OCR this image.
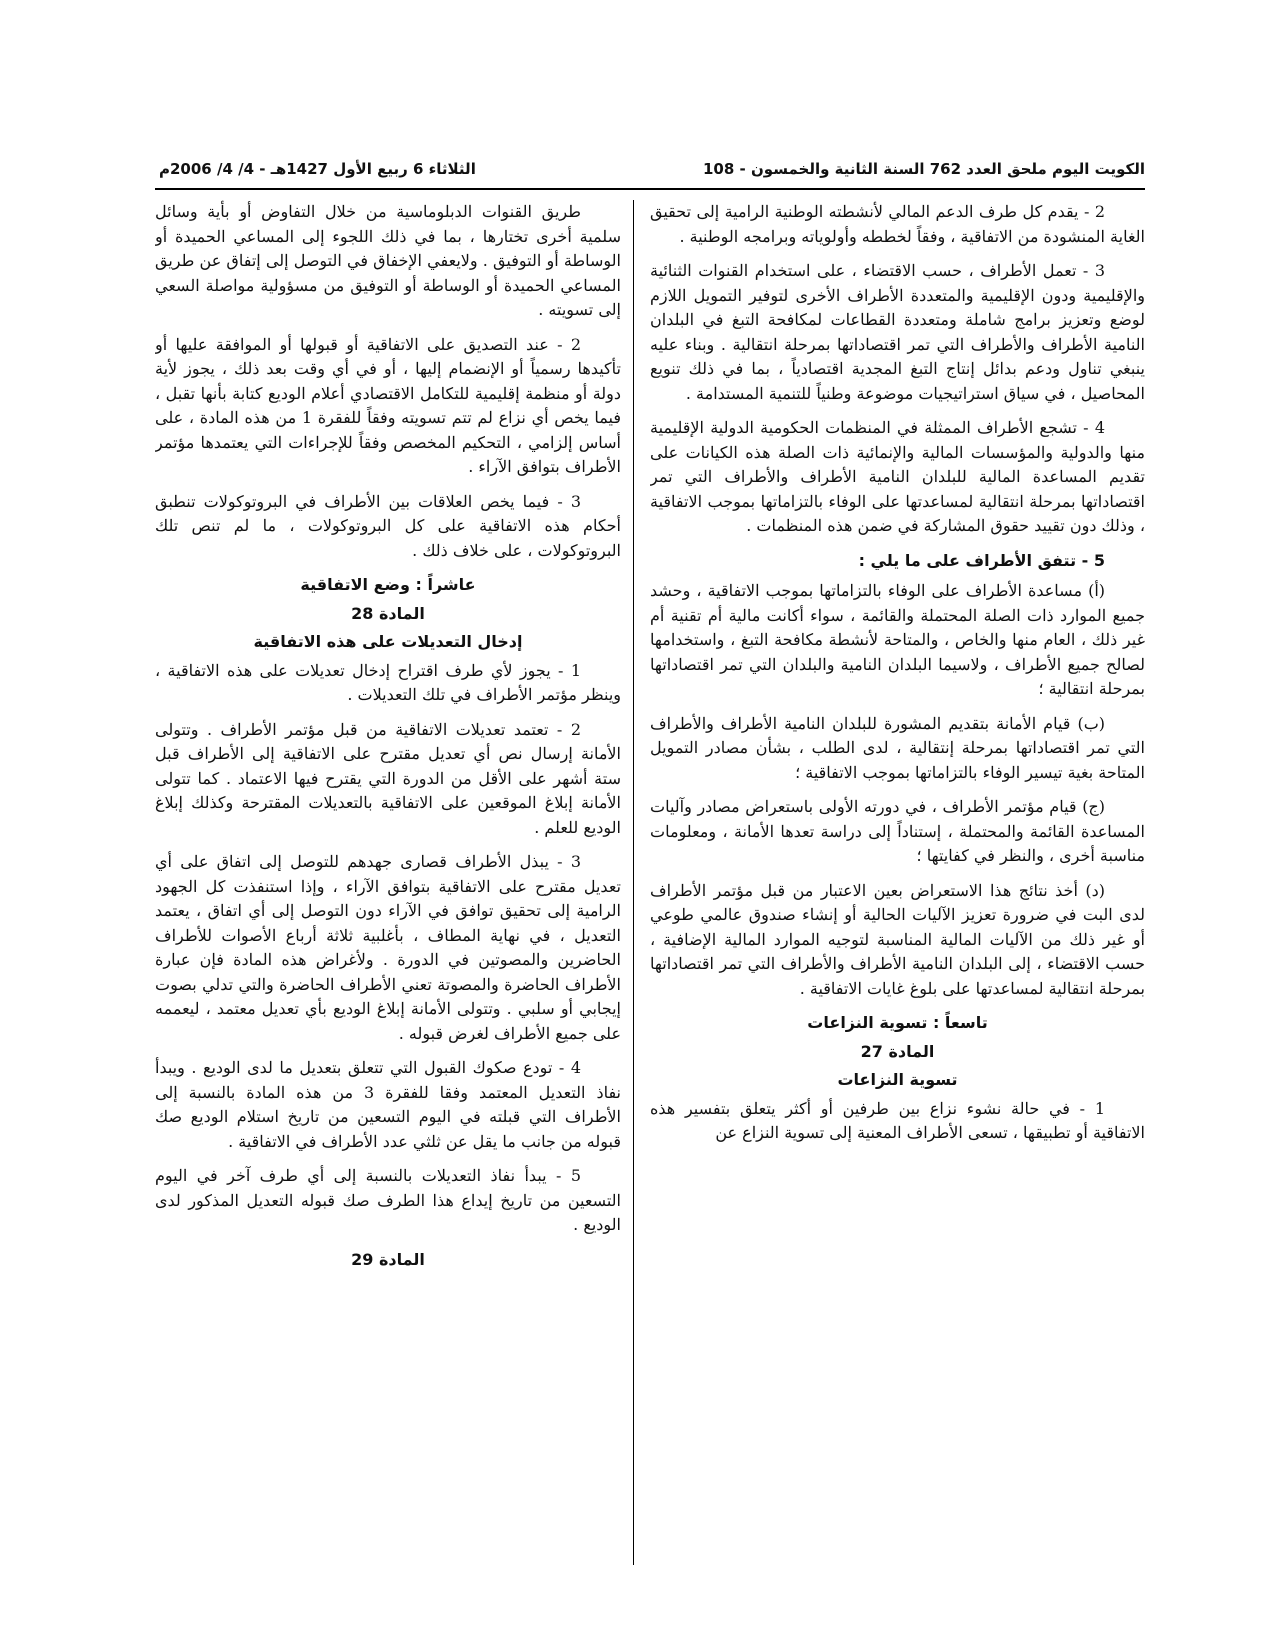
الكويت اليوم ملحق العدد 762 السنة الثانية والخمسون - 108
الثلاثاء 6 ربيع الأول 1427هـ - 4/ 4/ 2006م

2 - يقدم كل طرف الدعم المالي لأنشطته الوطنية الرامية إلى تحقيق الغاية المنشودة من الاتفاقية ، وفقاً لخططه وأولوياته وبرامجه الوطنية .

3 - تعمل الأطراف ، حسب الاقتضاء ، على استخدام القنوات الثنائية والإقليمية ودون الإقليمية والمتعددة الأطراف الأخرى لتوفير التمويل اللازم لوضع وتعزيز برامج شاملة ومتعددة القطاعات لمكافحة التبغ في البلدان النامية الأطراف والأطراف التي تمر اقتصاداتها بمرحلة انتقالية . وبناء عليه ينبغي تناول ودعم بدائل إنتاج التبغ المجدية اقتصادياً ، بما في ذلك تنويع المحاصيل ، في سياق استراتيجيات موضوعة وطنياً للتنمية المستدامة .

4 - تشجع الأطراف الممثلة في المنظمات الحكومية الدولية الإقليمية منها والدولية والمؤسسات المالية والإنمائية ذات الصلة هذه الكيانات على تقديم المساعدة المالية للبلدان النامية الأطراف والأطراف التي تمر اقتصاداتها بمرحلة انتقالية لمساعدتها على الوفاء بالتزاماتها بموجب الاتفاقية ، وذلك دون تقييد حقوق المشاركة في ضمن هذه المنظمات .

5 - تتفق الأطراف على ما يلي :

(أ) مساعدة الأطراف على الوفاء بالتزاماتها بموجب الاتفاقية ، وحشد جميع الموارد ذات الصلة المحتملة والقائمة ، سواء أكانت مالية أم تقنية أم غير ذلك ، العام منها والخاص ، والمتاحة لأنشطة مكافحة التبغ ، واستخدامها لصالح جميع الأطراف ، ولاسيما البلدان النامية والبلدان التي تمر اقتصاداتها بمرحلة انتقالية ؛

(ب) قيام الأمانة بتقديم المشورة للبلدان النامية الأطراف والأطراف التي تمر اقتصاداتها بمرحلة إنتقالية ، لدى الطلب ، بشأن مصادر التمويل المتاحة بغية تيسير الوفاء بالتزاماتها بموجب الاتفاقية ؛

(ج) قيام مؤتمر الأطراف ، في دورته الأولى باستعراض مصادر وآليات المساعدة القائمة والمحتملة ، إستناداً إلى دراسة تعدها الأمانة ، ومعلومات مناسبة أخرى ، والنظر في كفايتها ؛

(د) أخذ نتائج هذا الاستعراض بعين الاعتبار من قبل مؤتمر الأطراف لدى البت في ضرورة تعزيز الآليات الحالية أو إنشاء صندوق عالمي طوعي أو غير ذلك من الآليات المالية المناسبة لتوجيه الموارد المالية الإضافية ، حسب الاقتضاء ، إلى البلدان النامية الأطراف والأطراف التي تمر اقتصاداتها بمرحلة انتقالية لمساعدتها على بلوغ غايات الاتفاقية .

تاسعاً : تسوية النزاعات
المادة 27
تسوية النزاعات

1 - في حالة نشوء نزاع بين طرفين أو أكثر يتعلق بتفسير هذه الاتفاقية أو تطبيقها ، تسعى الأطراف المعنية إلى تسوية النزاع عن

طريق القنوات الدبلوماسية من خلال التفاوض أو بأية وسائل سلمية أخرى تختارها ، بما في ذلك اللجوء إلى المساعي الحميدة أو الوساطة أو التوفيق . ولايعفي الإخفاق في التوصل إلى إتفاق عن طريق المساعي الحميدة أو الوساطة أو التوفيق من مسؤولية مواصلة السعي إلى تسويته .

2 - عند التصديق على الاتفاقية أو قبولها أو الموافقة عليها أو تأكيدها رسمياً أو الإنضمام إليها ، أو في أي وقت بعد ذلك ، يجوز لأية دولة أو منظمة إقليمية للتكامل الاقتصادي أعلام الوديع كتابة بأنها تقبل ، فيما يخص أي نزاع لم تتم تسويته وفقاً للفقرة 1 من هذه المادة ، على أساس إلزامي ، التحكيم المخصص وفقاً للإجراءات التي يعتمدها مؤتمر الأطراف بتوافق الآراء .

3 - فيما يخص العلاقات بين الأطراف في البروتوكولات تنطبق أحكام هذه الاتفاقية على كل البروتوكولات ، ما لم تنص تلك البروتوكولات ، على خلاف ذلك .

عاشراً : وضع الاتفاقية
المادة 28
إدخال التعديلات على هذه الاتفاقية

1 - يجوز لأي طرف اقتراح إدخال تعديلات على هذه الاتفاقية ، وينظر مؤتمر الأطراف في تلك التعديلات .

2 - تعتمد تعديلات الاتفاقية من قبل مؤتمر الأطراف . وتتولى الأمانة إرسال نص أي تعديل مقترح على الاتفاقية إلى الأطراف قبل ستة أشهر على الأقل من الدورة التي يقترح فيها الاعتماد . كما تتولى الأمانة إبلاغ الموقعين على الاتفاقية بالتعديلات المقترحة وكذلك إبلاغ الوديع للعلم .

3 - يبذل الأطراف قصارى جهدهم للتوصل إلى اتفاق على أي تعديل مقترح على الاتفاقية بتوافق الآراء ، وإذا استنفذت كل الجهود الرامية إلى تحقيق توافق في الآراء دون التوصل إلى أي اتفاق ، يعتمد التعديل ، في نهاية المطاف ، بأغلبية ثلاثة أرباع الأصوات للأطراف الحاضرين والمصوتين في الدورة . ولأغراض هذه المادة فإن عبارة الأطراف الحاضرة والمصوتة تعني الأطراف الحاضرة والتي تدلي بصوت إيجابي أو سلبي . وتتولى الأمانة إبلاغ الوديع بأي تعديل معتمد ، ليعممه على جميع الأطراف لغرض قبوله .

4 - تودع صكوك القبول التي تتعلق بتعديل ما لدى الوديع . ويبدأ نفاذ التعديل المعتمد وفقا للفقرة 3 من هذه المادة بالنسبة إلى الأطراف التي قبلته في اليوم التسعين من تاريخ استلام الوديع صك قبوله من جانب ما يقل عن ثلثي عدد الأطراف في الاتفاقية .

5 - يبدأ نفاذ التعديلات بالنسبة إلى أي طرف آخر في اليوم التسعين من تاريخ إيداع هذا الطرف صك قبوله التعديل المذكور لدى الوديع .

المادة 29
